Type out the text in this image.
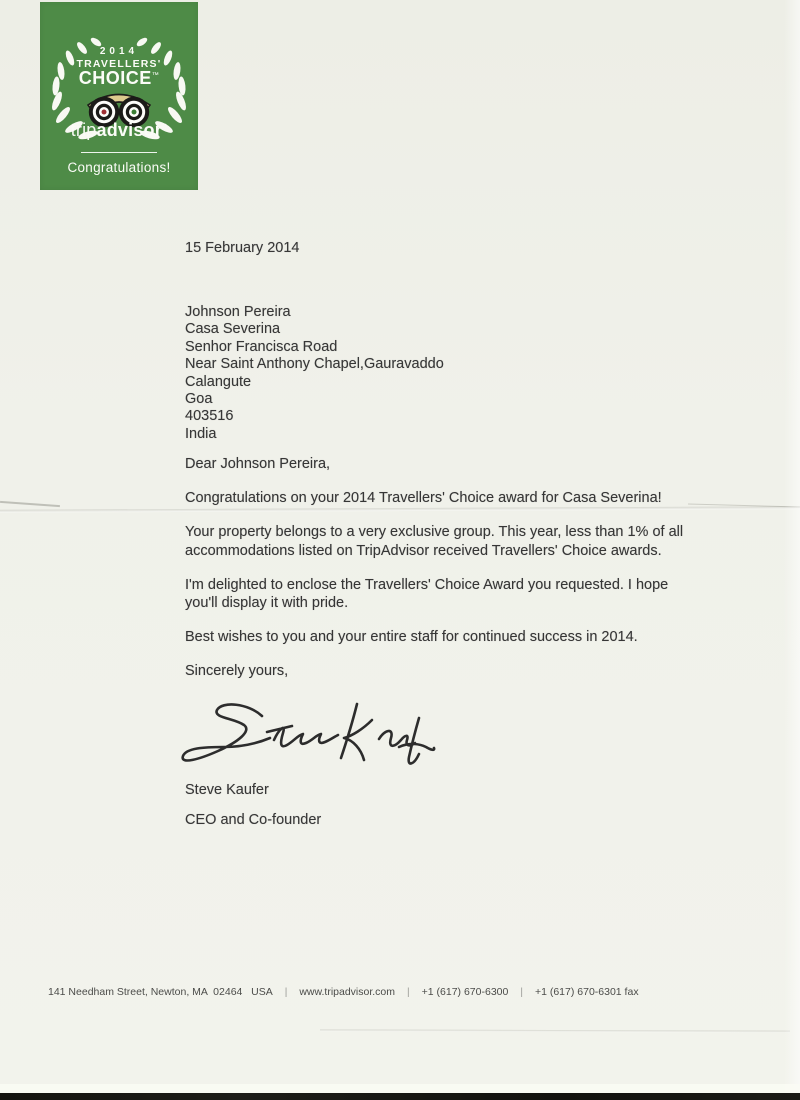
2014
TRAVELLERS'
CHOICE™
tripadvisor®
Congratulations!
15 February 2014
Johnson Pereira
Casa Severina
Senhor Francisca Road
Near Saint Anthony Chapel,Gauravaddo
Calangute
Goa
403516
India

Dear Johnson Pereira,

Congratulations on your 2014 Travellers' Choice award for Casa Severina!

Your property belongs to a very exclusive group. This year, less than 1% of all accommodations listed on TripAdvisor received Travellers' Choice awards.

I'm delighted to enclose the Travellers' Choice Award you requested. I hope you'll display it with pride.

Best wishes to you and your entire staff for continued success in 2014.

Sincerely yours,

Steve Kaufer
CEO and Co-founder
141 Needham Street, Newton, MA  02464   USA | www.tripadvisor.com | +1 (617) 670-6300 | +1 (617) 670-6301 fax
